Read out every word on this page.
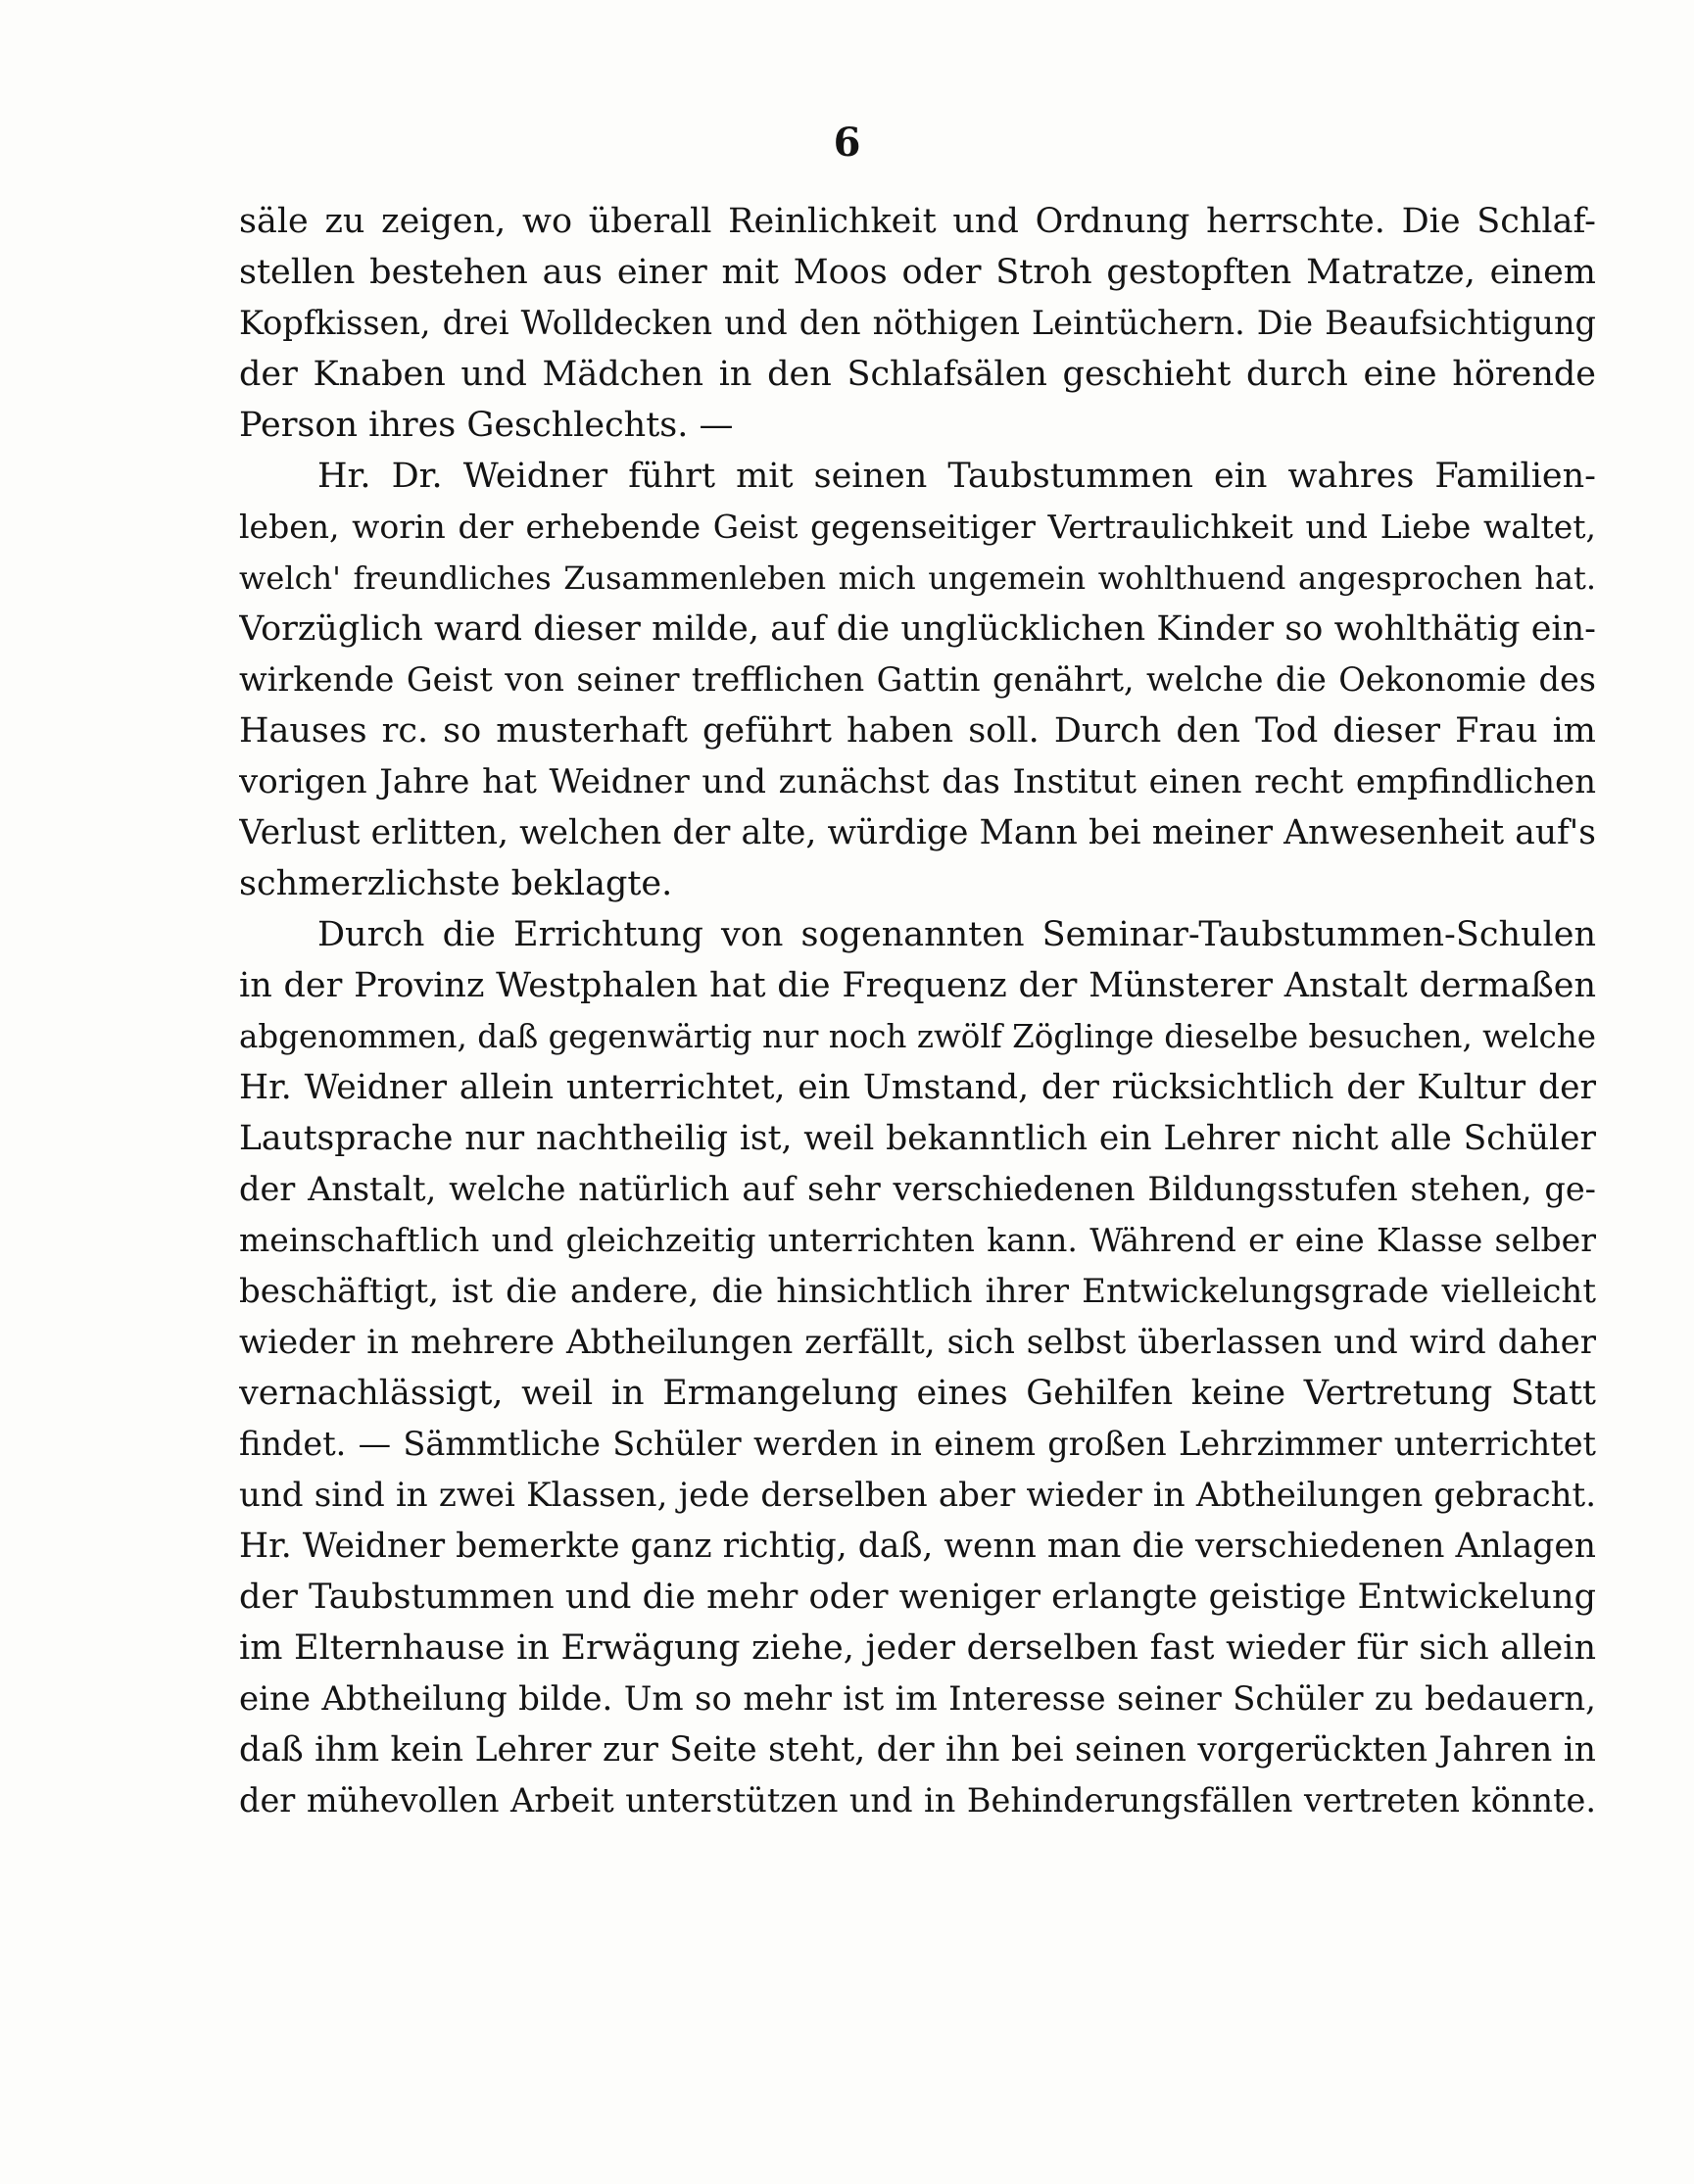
6
säle zu zeigen, wo überall Reinlichkeit und Ordnung herrschte. Die Schlaf-
stellen bestehen aus einer mit Moos oder Stroh gestopften Matratze, einem
Kopfkissen, drei Wolldecken und den nöthigen Leintüchern. Die Beaufsichtigung
der Knaben und Mädchen in den Schlafsälen geschieht durch eine hörende
Person ihres Geschlechts. —
Hr. Dr. Weidner führt mit seinen Taubstummen ein wahres Familien-
leben, worin der erhebende Geist gegenseitiger Vertraulichkeit und Liebe waltet,
welch' freundliches Zusammenleben mich ungemein wohlthuend angesprochen hat.
Vorzüglich ward dieser milde, auf die unglücklichen Kinder so wohlthätig ein-
wirkende Geist von seiner trefflichen Gattin genährt, welche die Oekonomie des
Hauses rc. so musterhaft geführt haben soll. Durch den Tod dieser Frau im
vorigen Jahre hat Weidner und zunächst das Institut einen recht empfindlichen
Verlust erlitten, welchen der alte, würdige Mann bei meiner Anwesenheit auf's
schmerzlichste beklagte.
Durch die Errichtung von sogenannten Seminar-Taubstummen-Schulen
in der Provinz Westphalen hat die Frequenz der Münsterer Anstalt dermaßen
abgenommen, daß gegenwärtig nur noch zwölf Zöglinge dieselbe besuchen, welche
Hr. Weidner allein unterrichtet, ein Umstand, der rücksichtlich der Kultur der
Lautsprache nur nachtheilig ist, weil bekanntlich ein Lehrer nicht alle Schüler
der Anstalt, welche natürlich auf sehr verschiedenen Bildungsstufen stehen, ge-
meinschaftlich und gleichzeitig unterrichten kann. Während er eine Klasse selber
beschäftigt, ist die andere, die hinsichtlich ihrer Entwickelungsgrade vielleicht
wieder in mehrere Abtheilungen zerfällt, sich selbst überlassen und wird daher
vernachlässigt, weil in Ermangelung eines Gehilfen keine Vertretung Statt
findet. — Sämmtliche Schüler werden in einem großen Lehrzimmer unterrichtet
und sind in zwei Klassen, jede derselben aber wieder in Abtheilungen gebracht.
Hr. Weidner bemerkte ganz richtig, daß, wenn man die verschiedenen Anlagen
der Taubstummen und die mehr oder weniger erlangte geistige Entwickelung
im Elternhause in Erwägung ziehe, jeder derselben fast wieder für sich allein
eine Abtheilung bilde. Um so mehr ist im Interesse seiner Schüler zu bedauern,
daß ihm kein Lehrer zur Seite steht, der ihn bei seinen vorgerückten Jahren in
der mühevollen Arbeit unterstützen und in Behinderungsfällen vertreten könnte.
